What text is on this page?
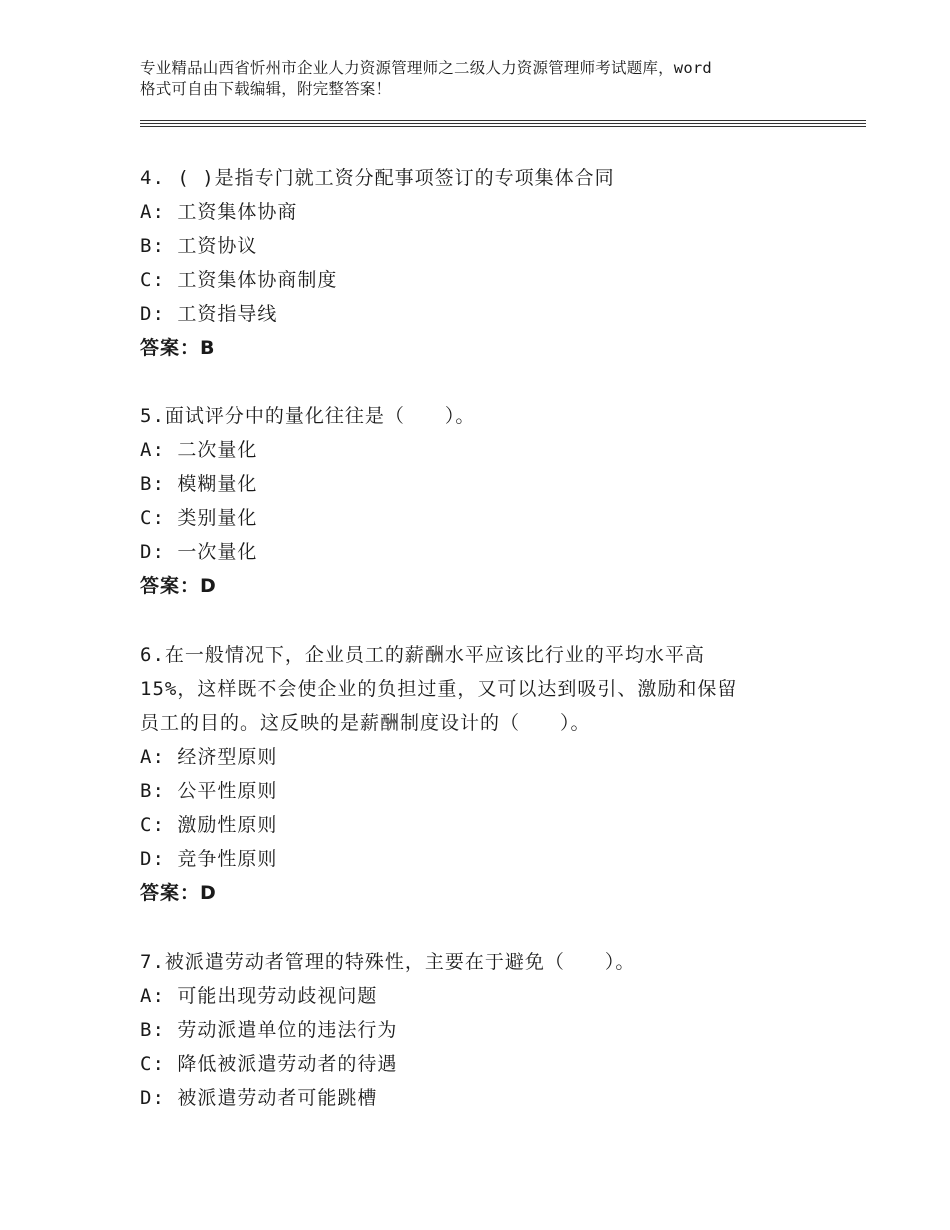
专业精品山西省忻州市企业人力资源管理师之二级人力资源管理师考试题库，word
格式可自由下载编辑，附完整答案！
4. ( )是指专门就工资分配事项签订的专项集体合同
A: 工资集体协商
B: 工资协议
C: 工资集体协商制度
D: 工资指导线
答案：B
5.面试评分中的量化往往是（　　）。
A: 二次量化
B: 模糊量化
C: 类别量化
D: 一次量化
答案：D
6.在一般情况下，企业员工的薪酬水平应该比行业的平均水平高
15%，这样既不会使企业的负担过重，又可以达到吸引、激励和保留
员工的目的。这反映的是薪酬制度设计的（　　）。
A: 经济型原则
B: 公平性原则
C: 激励性原则
D: 竞争性原则
答案：D
7.被派遣劳动者管理的特殊性，主要在于避免（　　）。
A: 可能出现劳动歧视问题
B: 劳动派遣单位的违法行为
C: 降低被派遣劳动者的待遇
D: 被派遣劳动者可能跳槽
